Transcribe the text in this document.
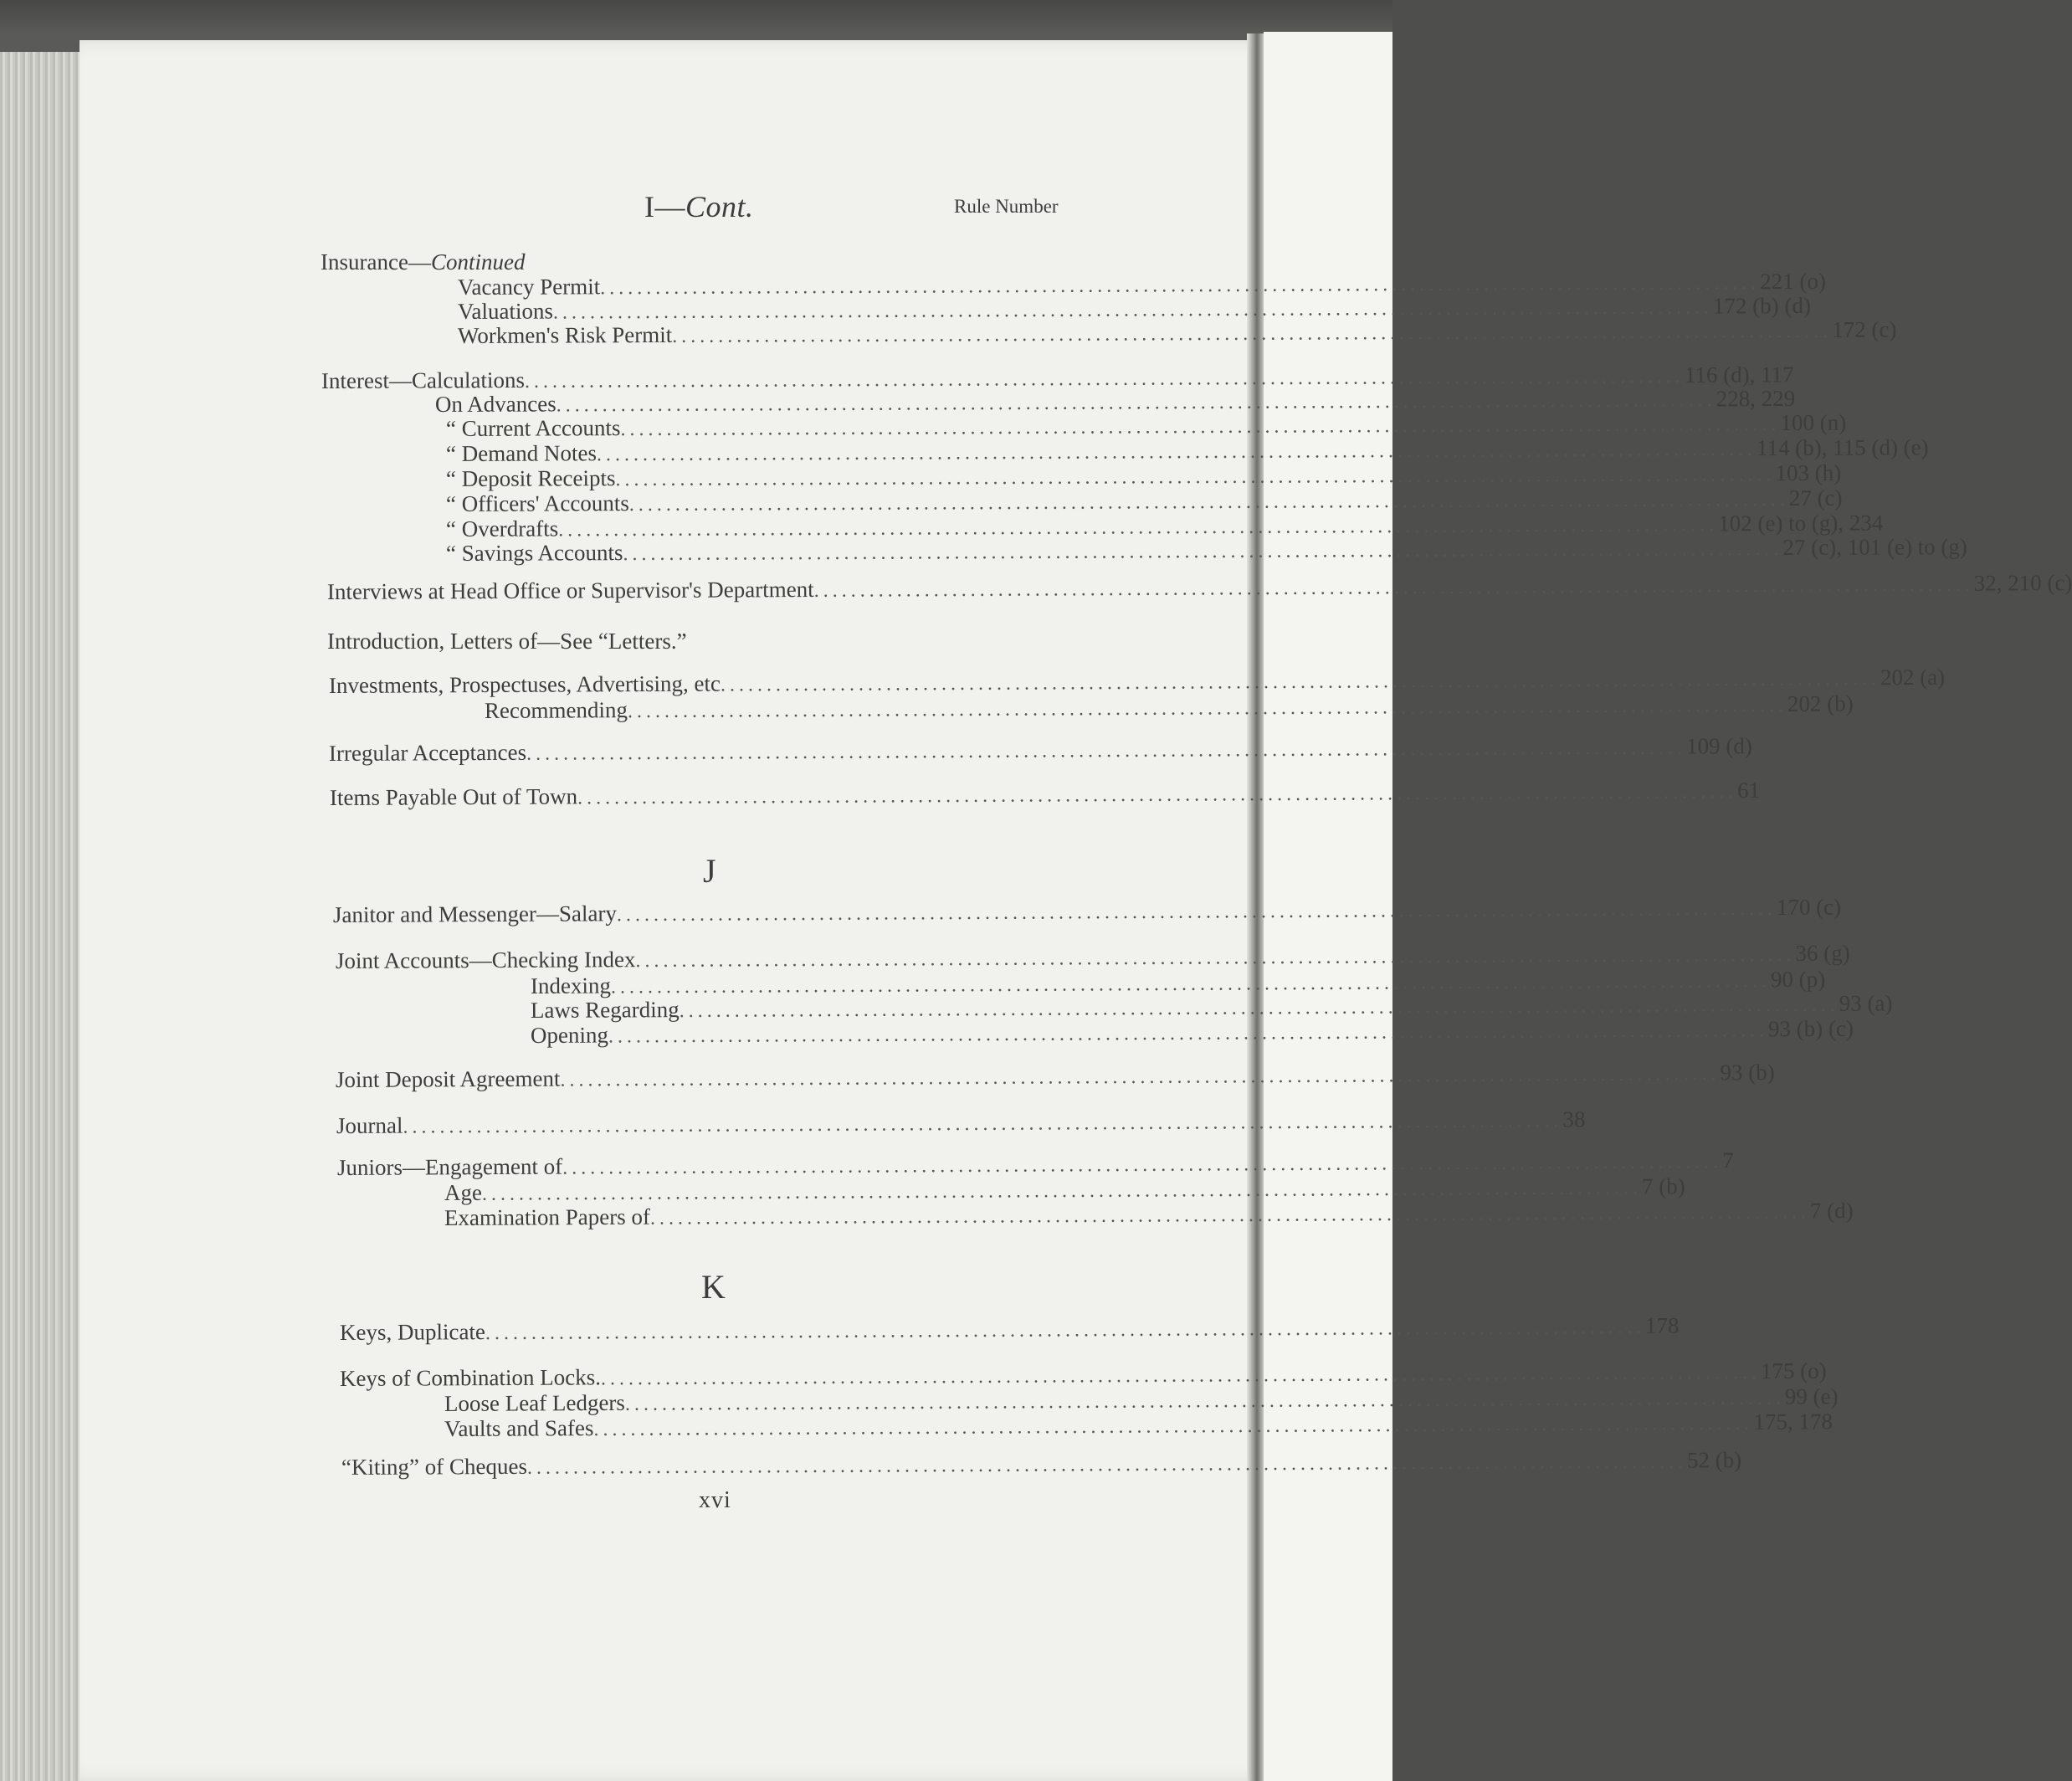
I—Cont.	Rule Number
Insurance—Continued
Vacancy Permit .............................................................................................................................. 221 (o)
Valuations .............................................................................................................................. 172 (b) (d)
Workmen's Risk Permit .............................................................................................................................. 172 (c)
Interest—Calculations .............................................................................................................................. 116 (d), 117
On Advances .............................................................................................................................. 228, 229
“ Current Accounts .............................................................................................................................. 100 (n)
“ Demand Notes .............................................................................................................................. 114 (b), 115 (d) (e)
“ Deposit Receipts .............................................................................................................................. 103 (h)
“ Officers' Accounts .............................................................................................................................. 27 (c)
“ Overdrafts .............................................................................................................................. 102 (e) to (g), 234
“ Savings Accounts .............................................................................................................................. 27 (c), 101 (e) to (g)
Interviews at Head Office or Supervisor's Department .............................................................................................................................. 32, 210 (c)
Introduction, Letters of—See “Letters.”
Investments, Prospectuses, Advertising, etc .............................................................................................................................. 202 (a)
Recommending .............................................................................................................................. 202 (b)
Irregular Acceptances .............................................................................................................................. 109 (d)
Items Payable Out of Town .............................................................................................................................. 61
J
Janitor and Messenger—Salary .............................................................................................................................. 170 (c)
Joint Accounts—Checking Index .............................................................................................................................. 36 (g)
Indexing .............................................................................................................................. 90 (p)
Laws Regarding .............................................................................................................................. 93 (a)
Opening .............................................................................................................................. 93 (b) (c)
Joint Deposit Agreement .............................................................................................................................. 93 (b)
Journal .............................................................................................................................. 38
Juniors—Engagement of .............................................................................................................................. 7
Age .............................................................................................................................. 7 (b)
Examination Papers of .............................................................................................................................. 7 (d)
K
Keys, Duplicate .............................................................................................................................. 178
Keys of Combination Locks. .............................................................................................................................. 175 (o)
Loose Leaf Ledgers .............................................................................................................................. 99 (e)
Vaults and Safes .............................................................................................................................. 175, 178
“Kiting” of Cheques .............................................................................................................................. 52 (b)
xvi
